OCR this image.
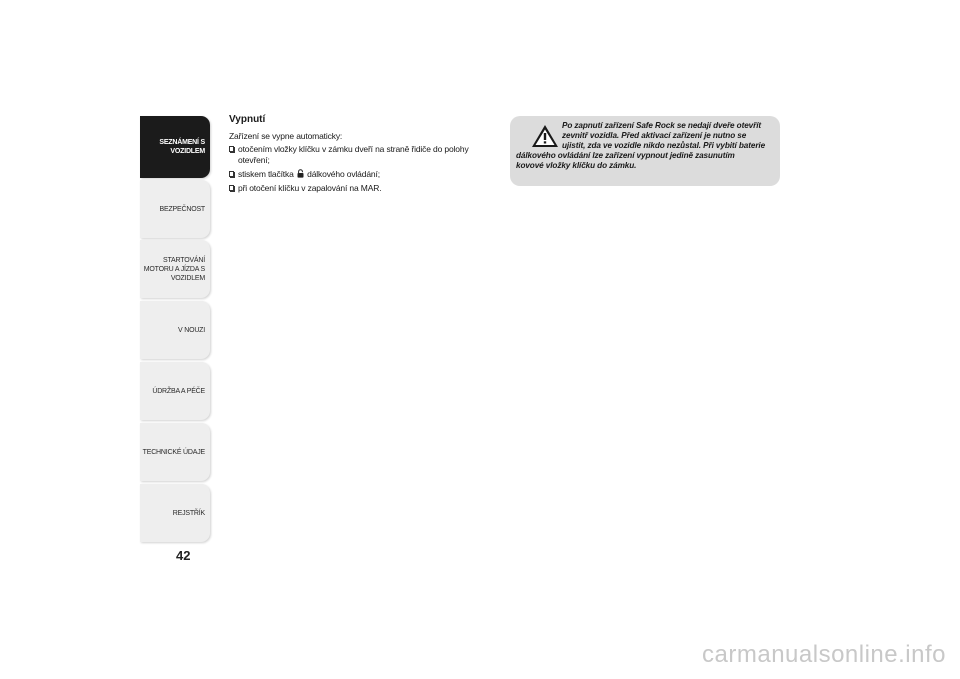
SEZNÁMENÍ S
VOZIDLEM
BEZPEČNOST
STARTOVÁNÍ
MOTORU A JÍZDA S
VOZIDLEM
V NOUZI
ÚDRŽBA A PÉČE
TECHNICKÉ ÚDAJE
REJSTŘÍK
42

Vypnutí

Zařízení se vypne automaticky:

otočením vložky klíčku v zámku dveří na straně řidiče do polohy otevření;
stiskem tlačítka dálkového ovládání;
při otočení klíčku v zapalování na MAR.
Po zapnutí zařízení Safe Rock se nedají dveře otevřít
zevnitř vozidla. Před aktivací zařízení je nutno se
ujistit, zda ve vozidle nikdo nezůstal. Při vybití baterie
dálkového ovládání lze zařízení vypnout jedině zasunutím
kovové vložky klíčku do zámku.
carmanualsonline.info
